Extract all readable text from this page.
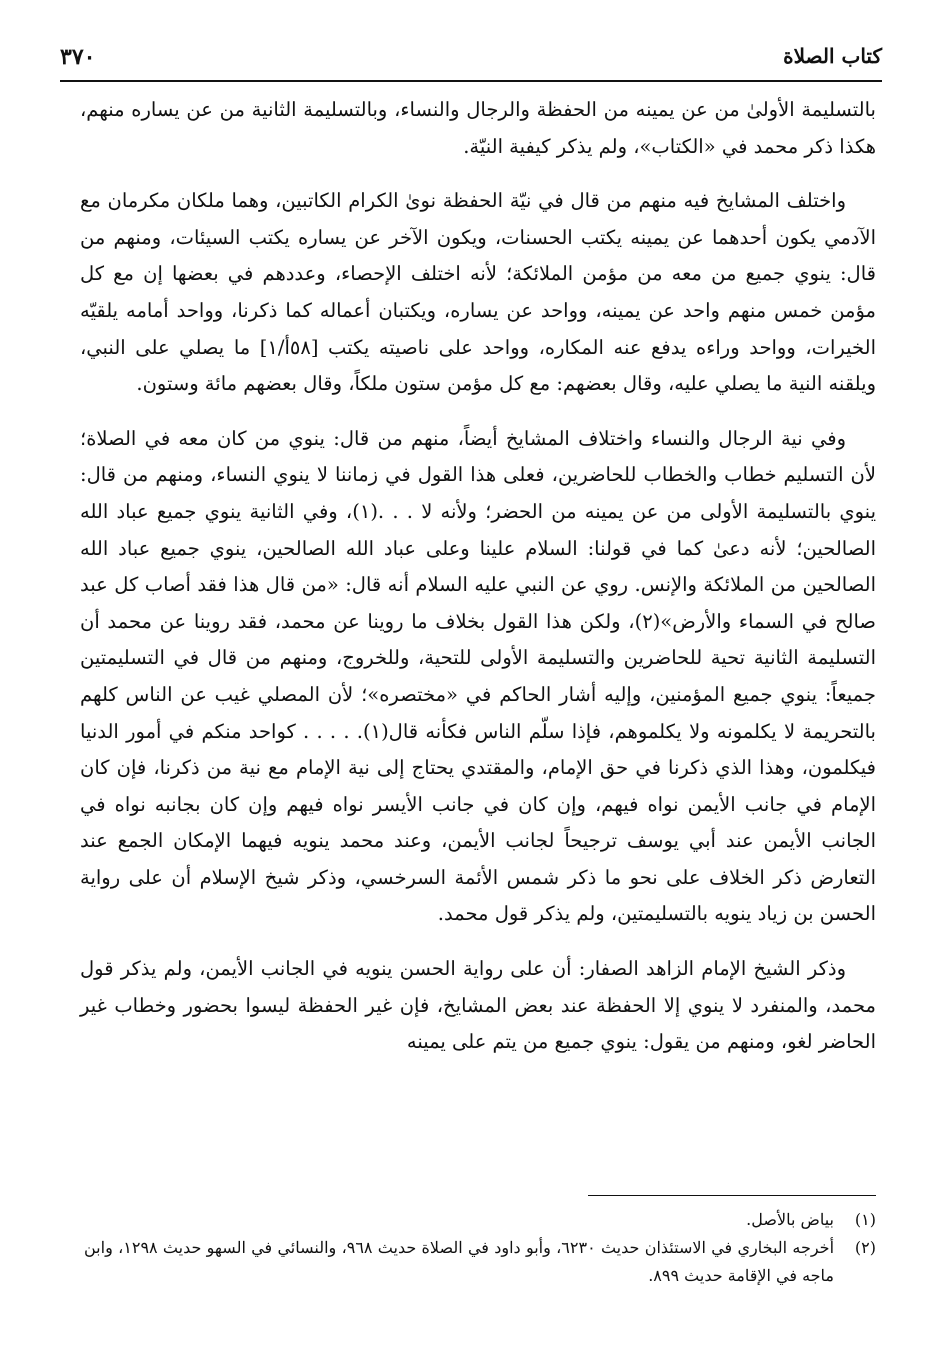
٣٧٠	كتاب الصلاة

بالتسليمة الأولىٰ من عن يمينه من الحفظة والرجال والنساء، وبالتسليمة الثانية من عن يساره منهم، هكذا ذكر محمد في «الكتاب»، ولم يذكر كيفية النيّة.

واختلف المشايخ فيه منهم من قال في نيّة الحفظة نوىٰ الكرام الكاتبين، وهما ملكان مكرمان مع الآدمي يكون أحدهما عن يمينه يكتب الحسنات، ويكون الآخر عن يساره يكتب السيئات، ومنهم من قال: ينوي جميع من معه من مؤمن الملائكة؛ لأنه اختلف الإحصاء، وعددهم في بعضها إن مع كل مؤمن خمس منهم واحد عن يمينه، وواحد عن يساره، ويكتبان أعماله كما ذكرنا، وواحد أمامه يلقيّه الخيرات، وواحد وراءه يدفع عنه المكاره، وواحد على ناصيته يكتب [٥٨أ/١] ما يصلي على النبي، ويلقنه النية ما يصلي عليه، وقال بعضهم: مع كل مؤمن ستون ملكاً، وقال بعضهم مائة وستون.

وفي نية الرجال والنساء واختلاف المشايخ أيضاً، منهم من قال: ينوي من كان معه في الصلاة؛ لأن التسليم خطاب والخطاب للحاضرين، فعلى هذا القول في زماننا لا ينوي النساء، ومنهم من قال: ينوي بالتسليمة الأولى من عن يمينه من الحضر؛ ولأنه لا . . .(١)، وفي الثانية ينوي جميع عباد الله الصالحين؛ لأنه دعىٰ كما في قولنا: السلام علينا وعلى عباد الله الصالحين، ينوي جميع عباد الله الصالحين من الملائكة والإنس. روي عن النبي عليه السلام أنه قال: «من قال هذا فقد أصاب كل عبد صالح في السماء والأرض»(٢)، ولكن هذا القول بخلاف ما روينا عن محمد، فقد روينا عن محمد أن التسليمة الثانية تحية للحاضرين والتسليمة الأولى للتحية، وللخروج، ومنهم من قال في التسليمتين جميعاً: ينوي جميع المؤمنين، وإليه أشار الحاكم في «مختصره»؛ لأن المصلي غيب عن الناس كلهم بالتحريمة لا يكلمونه ولا يكلموهم، فإذا سلّم الناس فكأنه قال(١). . . . . كواحد منكم في أمور الدنيا فيكلمون، وهذا الذي ذكرنا في حق الإمام، والمقتدي يحتاج إلى نية الإمام مع نية من ذكرنا، فإن كان الإمام في جانب الأيمن نواه فيهم، وإن كان في جانب الأيسر نواه فيهم وإن كان بجانبه نواه في الجانب الأيمن عند أبي يوسف ترجيحاً لجانب الأيمن، وعند محمد ينويه فيهما الإمكان الجمع عند التعارض ذكر الخلاف على نحو ما ذكر شمس الأئمة السرخسي، وذكر شيخ الإسلام أن على رواية الحسن بن زياد ينويه بالتسليمتين، ولم يذكر قول محمد.

وذكر الشيخ الإمام الزاهد الصفار: أن على رواية الحسن ينويه في الجانب الأيمن، ولم يذكر قول محمد، والمنفرد لا ينوي إلا الحفظة عند بعض المشايخ، فإن غير الحفظة ليسوا بحضور وخطاب غير الحاضر لغو، ومنهم من يقول: ينوي جميع من يتم على يمينه

(١)
بياض بالأصل.
(٢)
أخرجه البخاري في الاستئذان حديث ٦٢٣٠، وأبو داود في الصلاة حديث ٩٦٨، والنسائي في السهو حديث ١٢٩٨، وابن ماجه في الإقامة حديث ٨٩٩.
